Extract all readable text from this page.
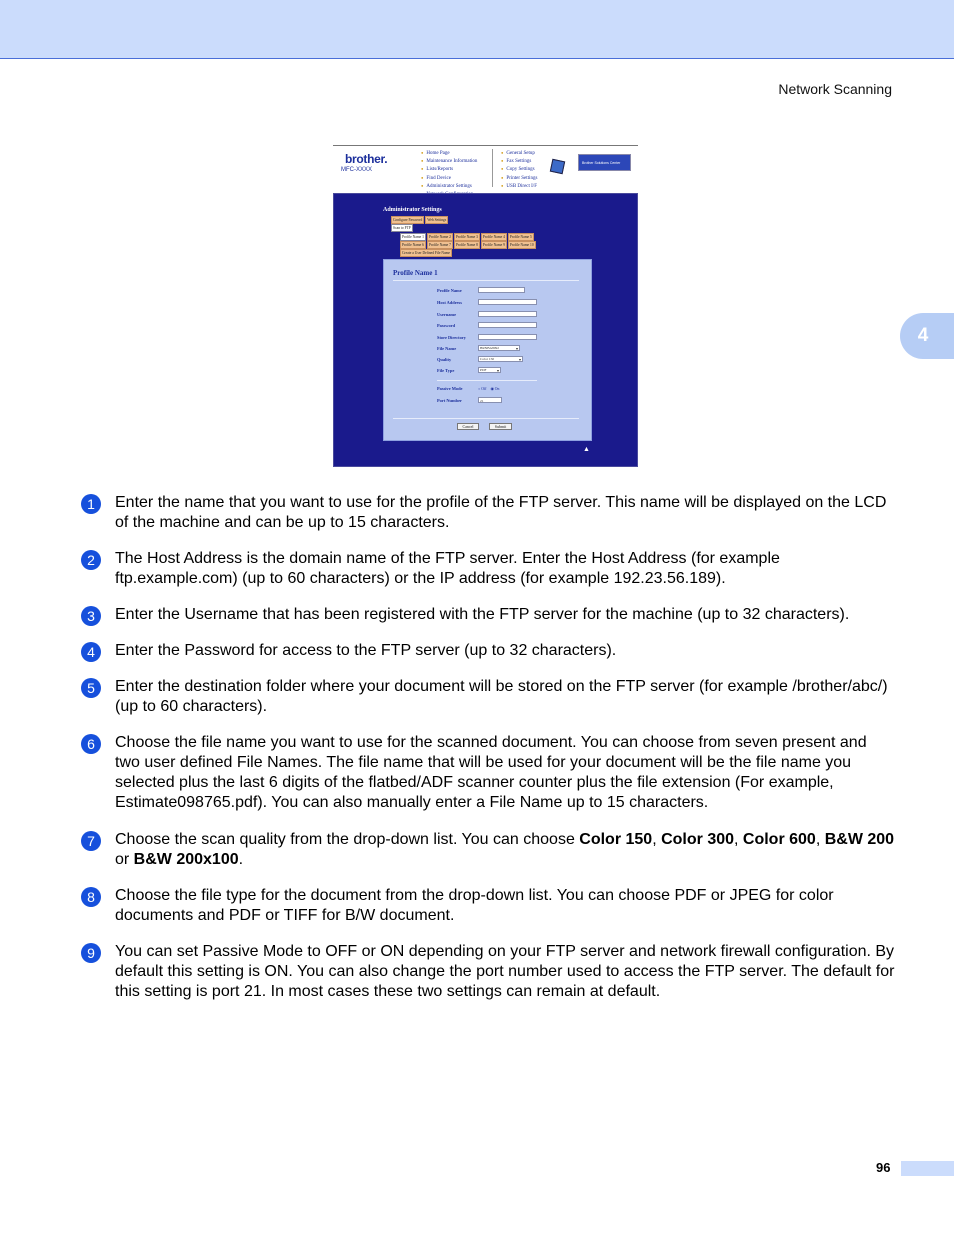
Network Scanning
4
brother.
MFC-XXXX
● Home Page
● Maintenance Information
● Lists/Reports
● Find Device
● Administrator Settings
●
● General Setup
● Fax Settings
● Copy Settings
● Printer Settings
● USB Direct I/F
Brother Solutions Center
Administrator Settings
Configure Password	Web Settings
Scan to FTP
Profile Name 1	Profile Name 2	Profile Name 3	Profile Name 4	Profile Name 5
Profile Name 6	Profile Name 7	Profile Name 8	Profile Name 9	Profile Name 10
Create a User Defined File Name
Profile Name 1
Profile Name
Host Address
Username
Password
Store Directory
File Name	BRNBA8092 ▾
Quality	Color 150 ▾
File Type	PDF ▾
Passive Mode	○ Off ◉ On
Port Number	21
Cancel	Submit
▲
1	Enter the name that you want to use for the profile of the FTP server. This name will be displayed on the LCD of the machine and can be up to 15 characters.
2	The Host Address is the domain name of the FTP server. Enter the Host Address (for example ftp.example.com) (up to 60 characters) or the IP address (for example 192.23.56.189).
3	Enter the Username that has been registered with the FTP server for the machine (up to 32 characters).
4	Enter the Password for access to the FTP server (up to 32 characters).
5	Enter the destination folder where your document will be stored on the FTP server (for example /brother/abc/) (up to 60 characters).
6	Choose the file name you want to use for the scanned document. You can choose from seven present and two user defined File Names. The file name that will be used for your document will be the file name you selected plus the last 6 digits of the flatbed/ADF scanner counter plus the file extension (For example, Estimate098765.pdf). You can also manually enter a File Name up to 15 characters.
7	Choose the scan quality from the drop-down list. You can choose Color 150, Color 300, Color 600, B&W 200 or B&W 200x100.
8	Choose the file type for the document from the drop-down list. You can choose PDF or JPEG for color documents and PDF or TIFF for B/W document.
9	You can set Passive Mode to OFF or ON depending on your FTP server and network firewall configuration. By default this setting is ON. You can also change the port number used to access the FTP server. The default for this setting is port 21. In most cases these two settings can remain at default.
96
